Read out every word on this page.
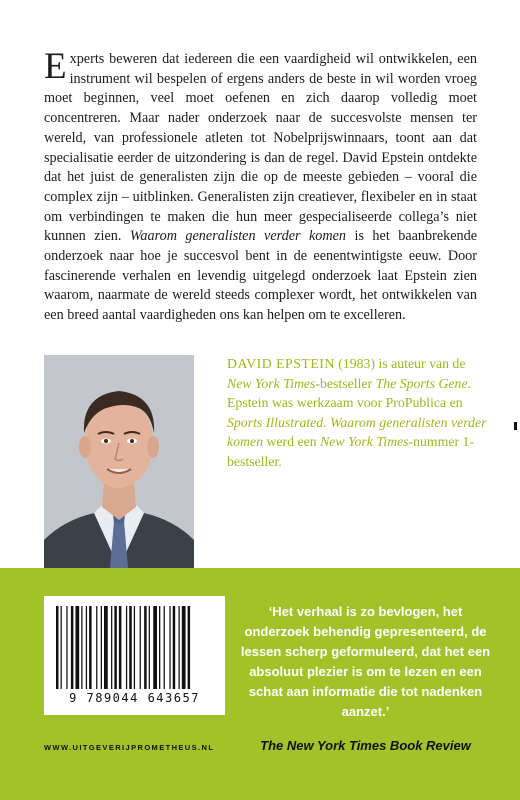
Experts beweren dat iedereen die een vaardigheid wil ontwikkelen, een instrument wil bespelen of ergens anders de beste in wil worden vroeg moet beginnen, veel moet oefenen en zich daarop volledig moet concentreren. Maar nader onderzoek naar de succesvolste mensen ter wereld, van professionele atleten tot Nobelprijswinnaars, toont aan dat specialisatie eerder de uitzondering is dan de regel. David Epstein ontdekte dat het juist de generalisten zijn die op de meeste gebieden – vooral die complex zijn – uitblinken. Generalisten zijn creatiever, flexibeler en in staat om verbindingen te maken die hun meer gespecialiseerde collega’s niet kunnen zien. Waarom generalisten verder komen is het baanbrekende onderzoek naar hoe je succesvol bent in de eenentwintigste eeuw. Door fascinerende verhalen en levendig uitgelegd onderzoek laat Epstein zien waarom, naarmate de wereld steeds complexer wordt, het ontwikkelen van een breed aantal vaardigheden ons kan helpen om te excelleren.

DAVID EPSTEIN (1983) is auteur van de New York Times-bestseller The Sports Gene. Epstein was werkzaam voor ProPublica en Sports Illustrated. Waarom generalisten verder komen werd een New York Times-nummer 1-bestseller.

9 789044 643657

‘Het verhaal is zo bevlogen, het onderzoek behendig gepresenteerd, de lessen scherp geformuleerd, dat het een absoluut plezier is om te lezen en een schat aan informatie die tot nadenken aanzet.’

The New York Times Book Review
WWW.UITGEVERIJPROMETHEUS.NL
